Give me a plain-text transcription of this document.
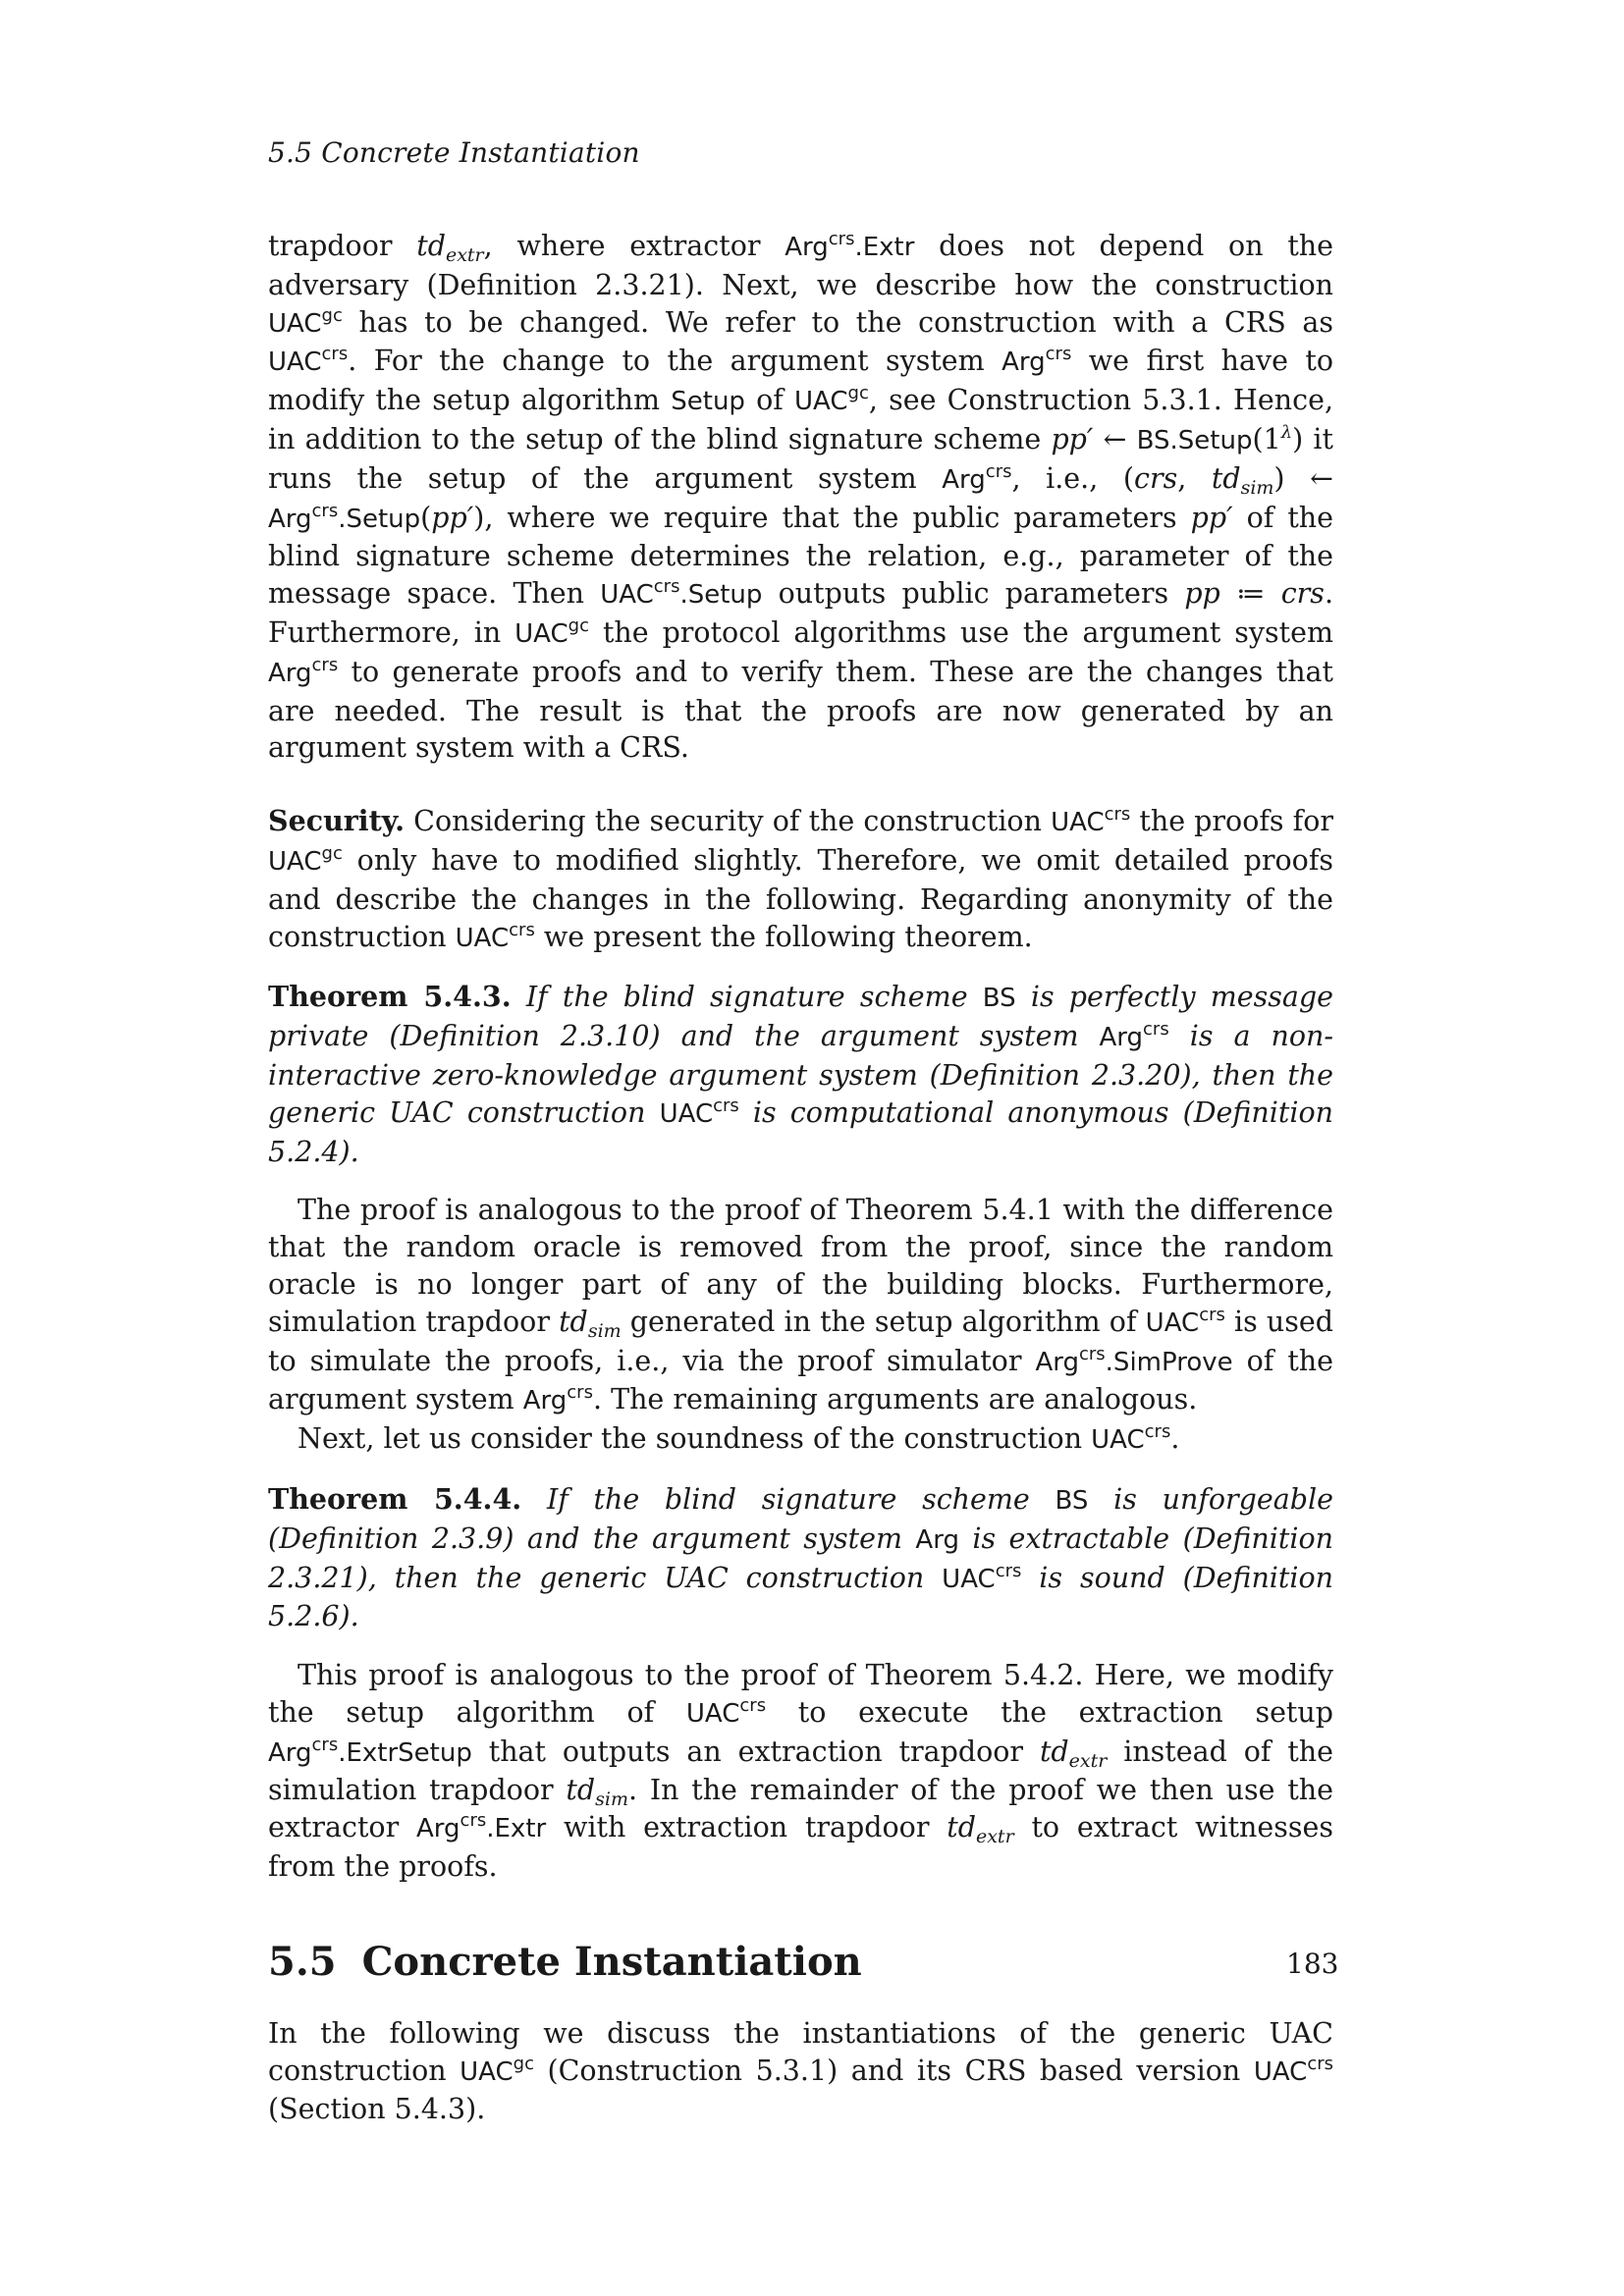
5.5 Concrete Instantiation

trapdoor $td_{extr}$, where extractor Arg$^{crs}$.Extr does not depend on the adversary (Definition 2.3.21). Next, we describe how the construction $UAC^{gc}$ has to be changed. We refer to the construction with a CRS as $UAC^{crs}$. For the change to the argument system Arg$^{crs}$ we first have to modify the setup algorithm Setup of $UAC^{gc}$, see Construction 5.3.1. Hence, in addition to the setup of the blind signature scheme pp′ ← $BS.Setup(1^\lambda)$ it runs the setup of the argument system Arg$^{crs}$, i.e., (crs, $td_{sim}$) ← Arg$^{crs}$.Setup(pp′), where we require that the public parameters pp′ of the blind signature scheme determines the relation, e.g., parameter of the message space. Then $UAC^{crs}.Setup$ outputs public parameters pp ≔ crs. Furthermore, in $UAC^{gc}$ the protocol algorithms use the argument system Arg$^{crs}$ to generate proofs and to verify them. These are the changes that are needed. The result is that the proofs are now generated by an argument system with a CRS.

Security. Considering the security of the construction $UAC^{crs}$ the proofs for $UAC^{gc}$ only have to modified slightly. Therefore, we omit detailed proofs and describe the changes in the following. Regarding anonymity of the construction $UAC^{crs}$ we present the following theorem.

Theorem 5.4.3. If the blind signature scheme BS is perfectly message private (Definition 2.3.10) and the argument system Arg$^{crs}$ is a non-interactive zero-knowledge argument system (Definition 2.3.20), then the generic UAC construction $UAC^{crs}$ is computational anonymous (Definition 5.2.4).

The proof is analogous to the proof of Theorem 5.4.1 with the difference that the random oracle is removed from the proof, since the random oracle is no longer part of any of the building blocks. Furthermore, simulation trapdoor $td_{sim}$ generated in the setup algorithm of $UAC^{crs}$ is used to simulate the proofs, i.e., via the proof simulator Arg$^{crs}$.SimProve of the argument system Arg$^{crs}$. The remaining arguments are analogous.

Next, let us consider the soundness of the construction $UAC^{crs}$.

Theorem 5.4.4. If the blind signature scheme BS is unforgeable (Definition 2.3.9) and the argument system Arg is extractable (Definition 2.3.21), then the generic UAC construction $UAC^{crs}$ is sound (Definition 5.2.6).

This proof is analogous to the proof of Theorem 5.4.2. Here, we modify the setup algorithm of $UAC^{crs}$ to execute the extraction setup Arg$^{crs}$.ExtrSetup that outputs an extraction trapdoor $td_{extr}$ instead of the simulation trapdoor $td_{sim}$. In the remainder of the proof we then use the extractor Arg$^{crs}$.Extr with extraction trapdoor $td_{extr}$ to extract witnesses from the proofs.

5.5 Concrete Instantiation

In the following we discuss the instantiations of the generic UAC construction $UAC^{gc}$ (Construction 5.3.1) and its CRS based version $UAC^{crs}$ (Section 5.4.3).

183
